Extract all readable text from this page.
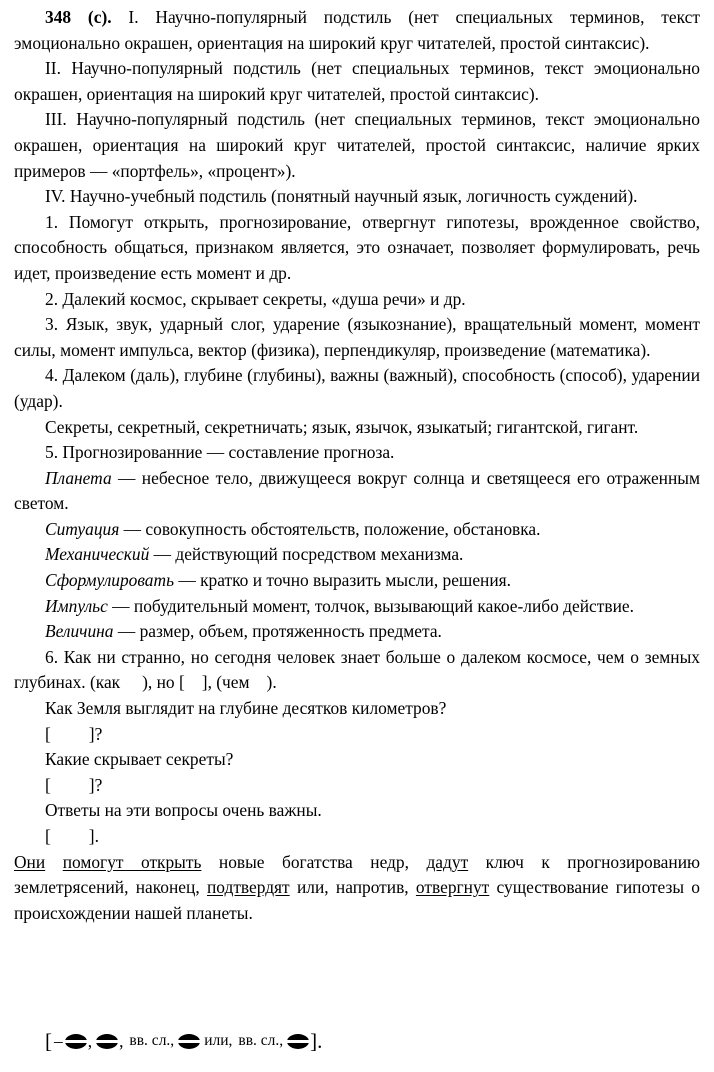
348 (с). I. Научно-популярный подстиль (нет специальных терминов, текст эмоционально окрашен, ориентация на широкий круг читателей, простой синтаксис).

II. Научно-популярный подстиль (нет специальных терминов, текст эмоционально окрашен, ориентация на широкий круг читателей, простой синтаксис).

III. Научно-популярный подстиль (нет специальных терминов, текст эмоционально окрашен, ориентация на широкий круг читателей, простой синтаксис, наличие ярких примеров — «портфель», «процент»).

IV. Научно-учебный подстиль (понятный научный язык, логичность суждений).

1. Помогут открыть, прогнозирование, отвергнут гипотезы, врожденное свойство, способность общаться, признаком является, это означает, позволяет формулировать, речь идет, произведение есть момент и др.

2. Далекий космос, скрывает секреты, «душа речи» и др.

3. Язык, звук, ударный слог, ударение (языкознание), вращательный момент, момент силы, момент импульса, вектор (физика), перпендикуляр, произведение (математика).

4. Далеком (даль), глубине (глубины), важны (важный), способность (способ), ударении (удар).

Секреты, секретный, секретничать; язык, язычок, языкатый; гигантской, гигант.

5. Прогнозированние — составление прогноза.

Планета — небесное тело, движущееся вокруг солнца и светящееся его отраженным светом.

Ситуация — совокупность обстоятельств, положение, обстановка.

Механический — действующий посредством механизма.

Сформулировать — кратко и точно выразить мысли, решения.

Импульс — побудительный момент, толчок, вызывающий какое-либо действие.

Величина — размер, объем, протяженность предмета.

6. Как ни странно, но сегодня человек знает больше о далеком космосе, чем о земных глубинах. (как ), но [ ], (чем ).

Как Земля выглядит на глубине десятков километров?

[ ]?

Какие скрывает секреты?

[ ]?

Ответы на эти вопросы очень важны.

[ ].

Они помогут открыть новые богатства недр, дадут ключ к прогнозированию землетрясений, наконец, подтвердят или, напротив, отвергнут существование гипотезы о происхождении нашей планеты.

[ – , , вв. сл., или, вв. сл., ].
